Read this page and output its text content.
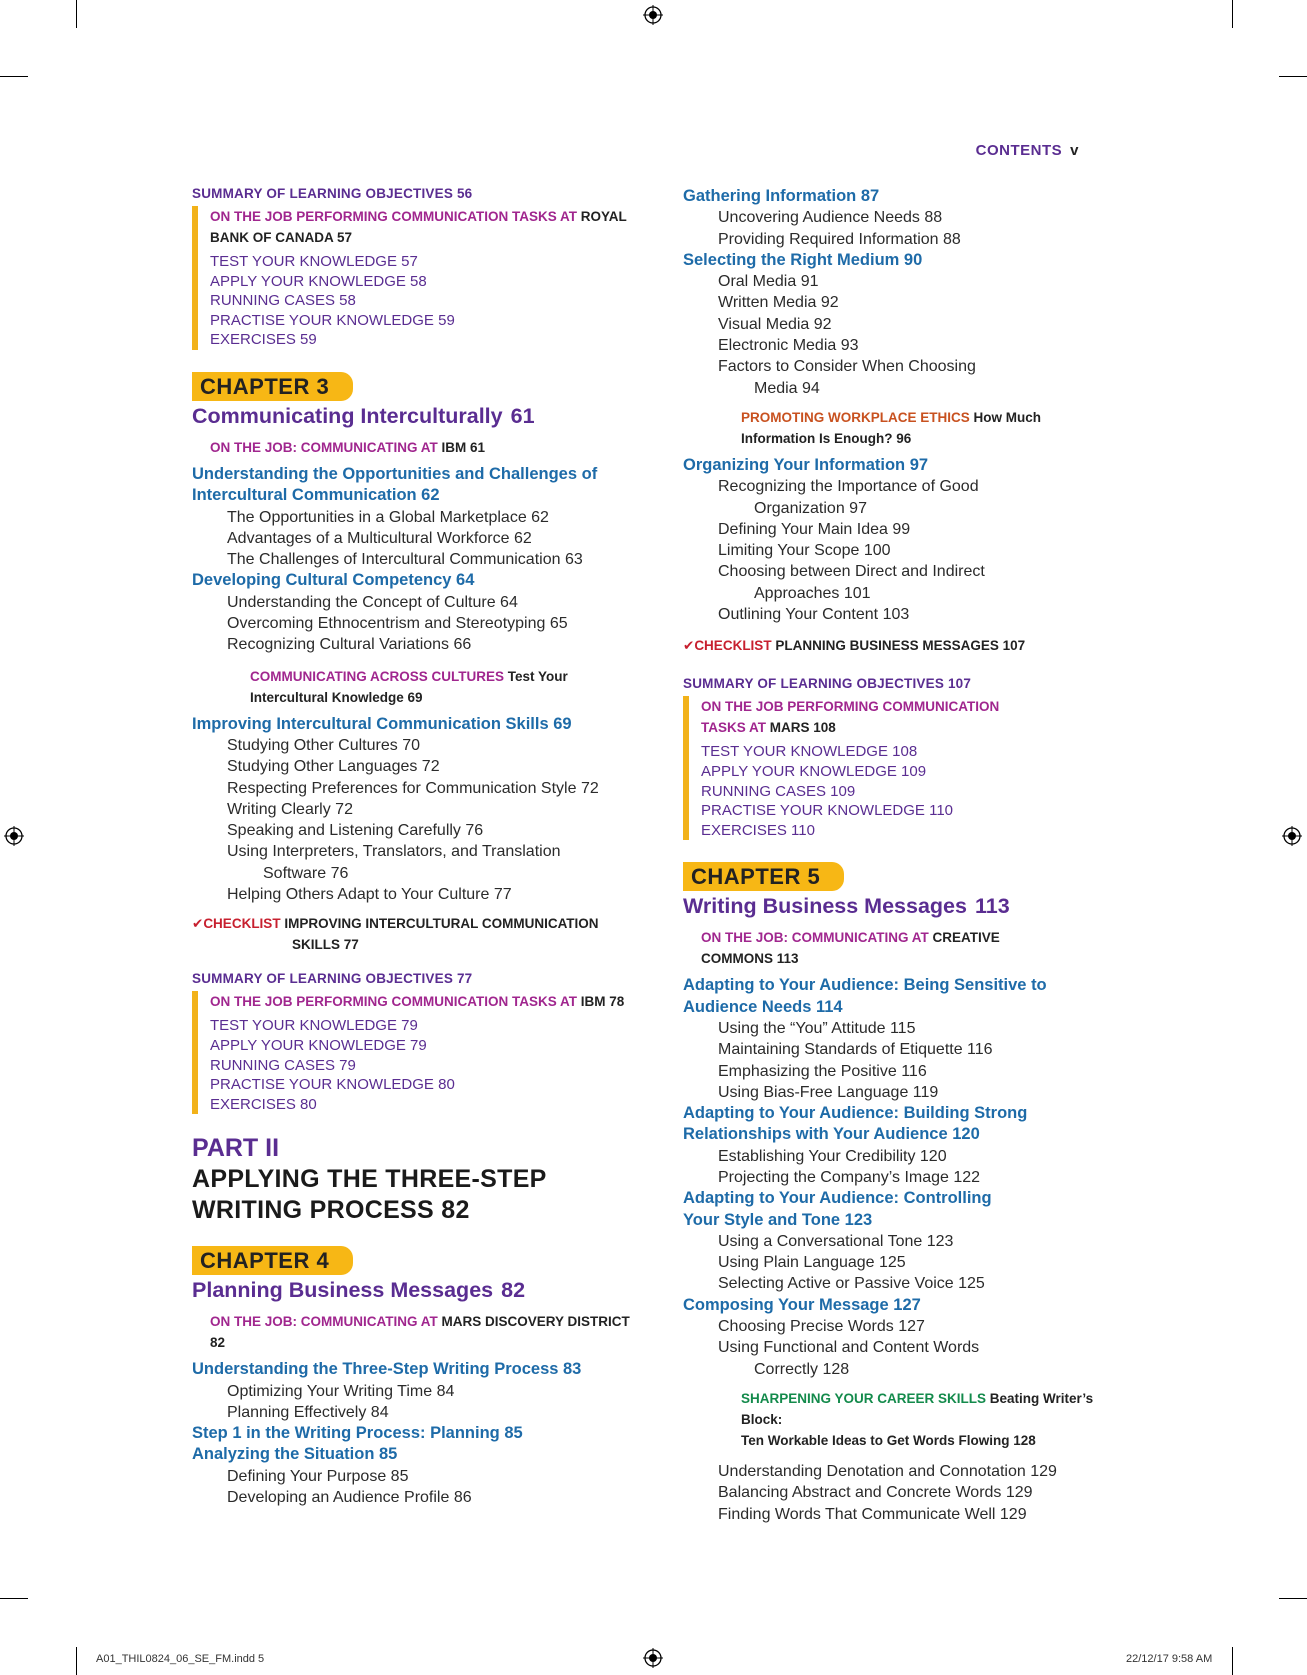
CONTENTS v
SUMMARY OF LEARNING OBJECTIVES 56
ON THE JOB PERFORMING COMMUNICATION TASKS AT ROYAL
BANK OF CANADA 57
TEST YOUR KNOWLEDGE 57
APPLY YOUR KNOWLEDGE 58
RUNNING CASES 58
PRACTISE YOUR KNOWLEDGE 59
EXERCISES 59
CHAPTER 3
Communicating Interculturally 61
ON THE JOB: COMMUNICATING AT IBM 61
Understanding the Opportunities and Challenges of
Intercultural Communication 62
The Opportunities in a Global Marketplace 62
Advantages of a Multicultural Workforce 62
The Challenges of Intercultural Communication 63
Developing Cultural Competency 64
Understanding the Concept of Culture 64
Overcoming Ethnocentrism and Stereotyping 65
Recognizing Cultural Variations 66
COMMUNICATING ACROSS CULTURES Test Your
Intercultural Knowledge 69
Improving Intercultural Communication Skills 69
Studying Other Cultures 70
Studying Other Languages 72
Respecting Preferences for Communication Style 72
Writing Clearly 72
Speaking and Listening Carefully 76
Using Interpreters, Translators, and Translation
Software 76
Helping Others Adapt to Your Culture 77
✔CHECKLIST IMPROVING INTERCULTURAL COMMUNICATION
SKILLS 77
SUMMARY OF LEARNING OBJECTIVES 77
ON THE JOB PERFORMING COMMUNICATION TASKS AT IBM 78
TEST YOUR KNOWLEDGE 79
APPLY YOUR KNOWLEDGE 79
RUNNING CASES 79
PRACTISE YOUR KNOWLEDGE 80
EXERCISES 80
PART II
APPLYING THE THREE-STEP
WRITING PROCESS 82
CHAPTER 4
Planning Business Messages 82
ON THE JOB: COMMUNICATING AT MARS DISCOVERY DISTRICT 82
Understanding the Three-Step Writing Process 83
Optimizing Your Writing Time 84
Planning Effectively 84
Step 1 in the Writing Process: Planning 85
Analyzing the Situation 85
Defining Your Purpose 85
Developing an Audience Profile 86
Gathering Information 87
Uncovering Audience Needs 88
Providing Required Information 88
Selecting the Right Medium 90
Oral Media 91
Written Media 92
Visual Media 92
Electronic Media 93
Factors to Consider When Choosing
Media 94
PROMOTING WORKPLACE ETHICS How Much
Information Is Enough? 96
Organizing Your Information 97
Recognizing the Importance of Good
Organization 97
Defining Your Main Idea 99
Limiting Your Scope 100
Choosing between Direct and Indirect
Approaches 101
Outlining Your Content 103
✔CHECKLIST PLANNING BUSINESS MESSAGES 107
SUMMARY OF LEARNING OBJECTIVES 107
ON THE JOB PERFORMING COMMUNICATION
TASKS AT MARS 108
TEST YOUR KNOWLEDGE 108
APPLY YOUR KNOWLEDGE 109
RUNNING CASES 109
PRACTISE YOUR KNOWLEDGE 110
EXERCISES 110
CHAPTER 5
Writing Business Messages 113
ON THE JOB: COMMUNICATING AT CREATIVE
COMMONS 113
Adapting to Your Audience: Being Sensitive to
Audience Needs 114
Using the “You” Attitude 115
Maintaining Standards of Etiquette 116
Emphasizing the Positive 116
Using Bias-Free Language 119
Adapting to Your Audience: Building Strong
Relationships with Your Audience 120
Establishing Your Credibility 120
Projecting the Company’s Image 122
Adapting to Your Audience: Controlling
Your Style and Tone 123
Using a Conversational Tone 123
Using Plain Language 125
Selecting Active or Passive Voice 125
Composing Your Message 127
Choosing Precise Words 127
Using Functional and Content Words
Correctly 128
SHARPENING YOUR CAREER SKILLS Beating Writer’s Block:
Ten Workable Ideas to Get Words Flowing 128
Understanding Denotation and Connotation 129
Balancing Abstract and Concrete Words 129
Finding Words That Communicate Well 129
A01_THIL0824_06_SE_FM.indd 5	22/12/17 9:58 AM
